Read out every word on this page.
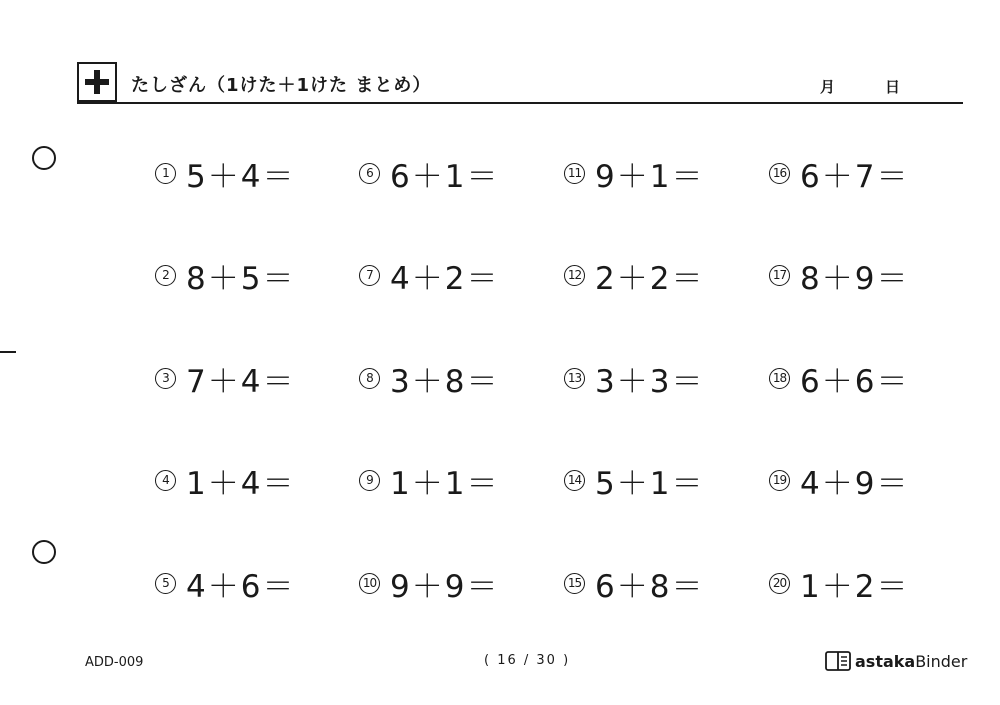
たしざん（1けた＋1けた まとめ）	月	日
1 5＋4＝
2 8＋5＝
3 7＋4＝
4 1＋4＝
5 4＋6＝
6 6＋1＝
7 4＋2＝
8 3＋8＝
9 1＋1＝
10 9＋9＝
11 9＋1＝
12 2＋2＝
13 3＋3＝
14 5＋1＝
15 6＋8＝
16 6＋7＝
17 8＋9＝
18 6＋6＝
19 4＋9＝
20 1＋2＝
ADD-009	( 16 / 30 )	astaka Binder
